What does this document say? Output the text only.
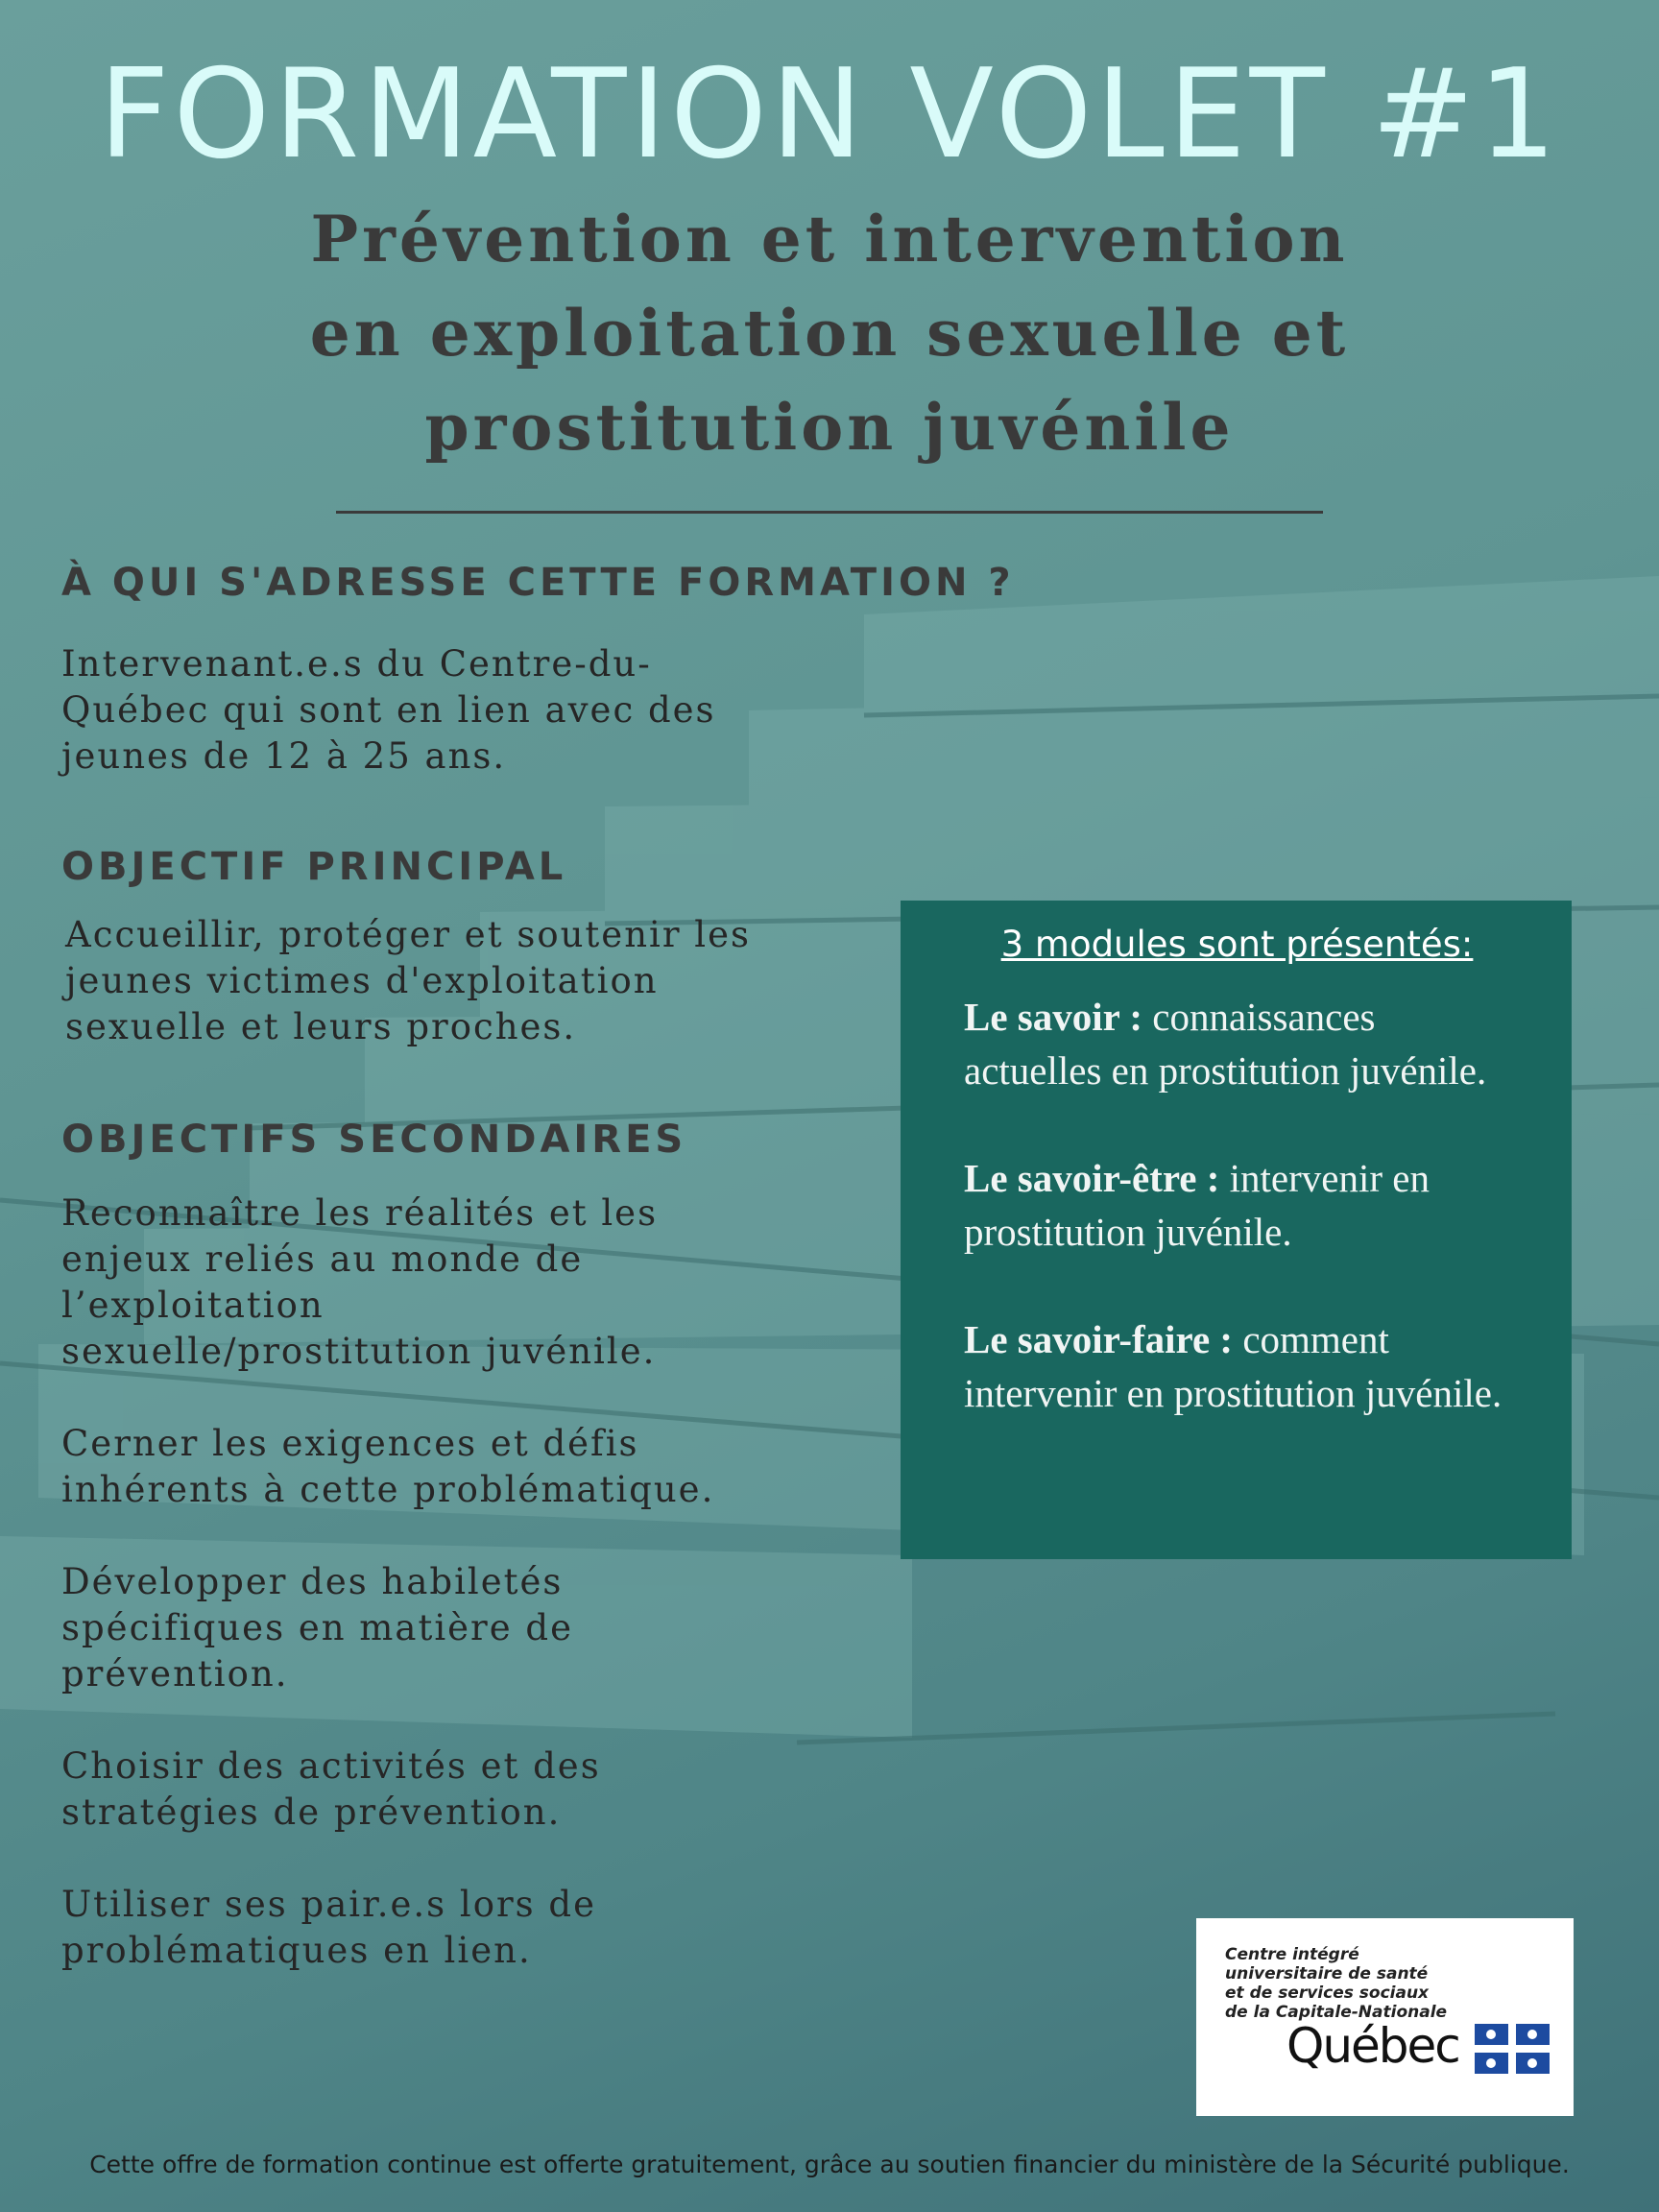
FORMATION VOLET #1
Prévention et intervention
en exploitation sexuelle et
prostitution juvénile
À QUI S'ADRESSE CETTE FORMATION ?

Intervenant.e.s du Centre-du-
Québec qui sont en lien avec des
jeunes de 12 à 25 ans.

OBJECTIF PRINCIPAL

Accueillir, protéger et soutenir les
jeunes victimes d'exploitation
sexuelle et leurs proches.

OBJECTIFS SECONDAIRES

Reconnaître les réalités et les
enjeux reliés au monde de
l’exploitation
sexuelle/prostitution juvénile.

Cerner les exigences et défis
inhérents à cette problématique.

Développer des habiletés
spécifiques en matière de
prévention.

Choisir des activités et des
stratégies de prévention.

Utiliser ses pair.e.s lors de
problématiques en lien.

3 modules sont présentés:

Le savoir : connaissances actuelles en prostitution juvénile.

Le savoir-être : intervenir en prostitution juvénile.

Le savoir-faire : comment intervenir en prostitution juvénile.

Centre intégré
universitaire de santé
et de services sociaux
de la Capitale-Nationale
Québec

Cette offre de formation continue est offerte gratuitement, grâce au soutien financier du ministère de la Sécurité publique.
